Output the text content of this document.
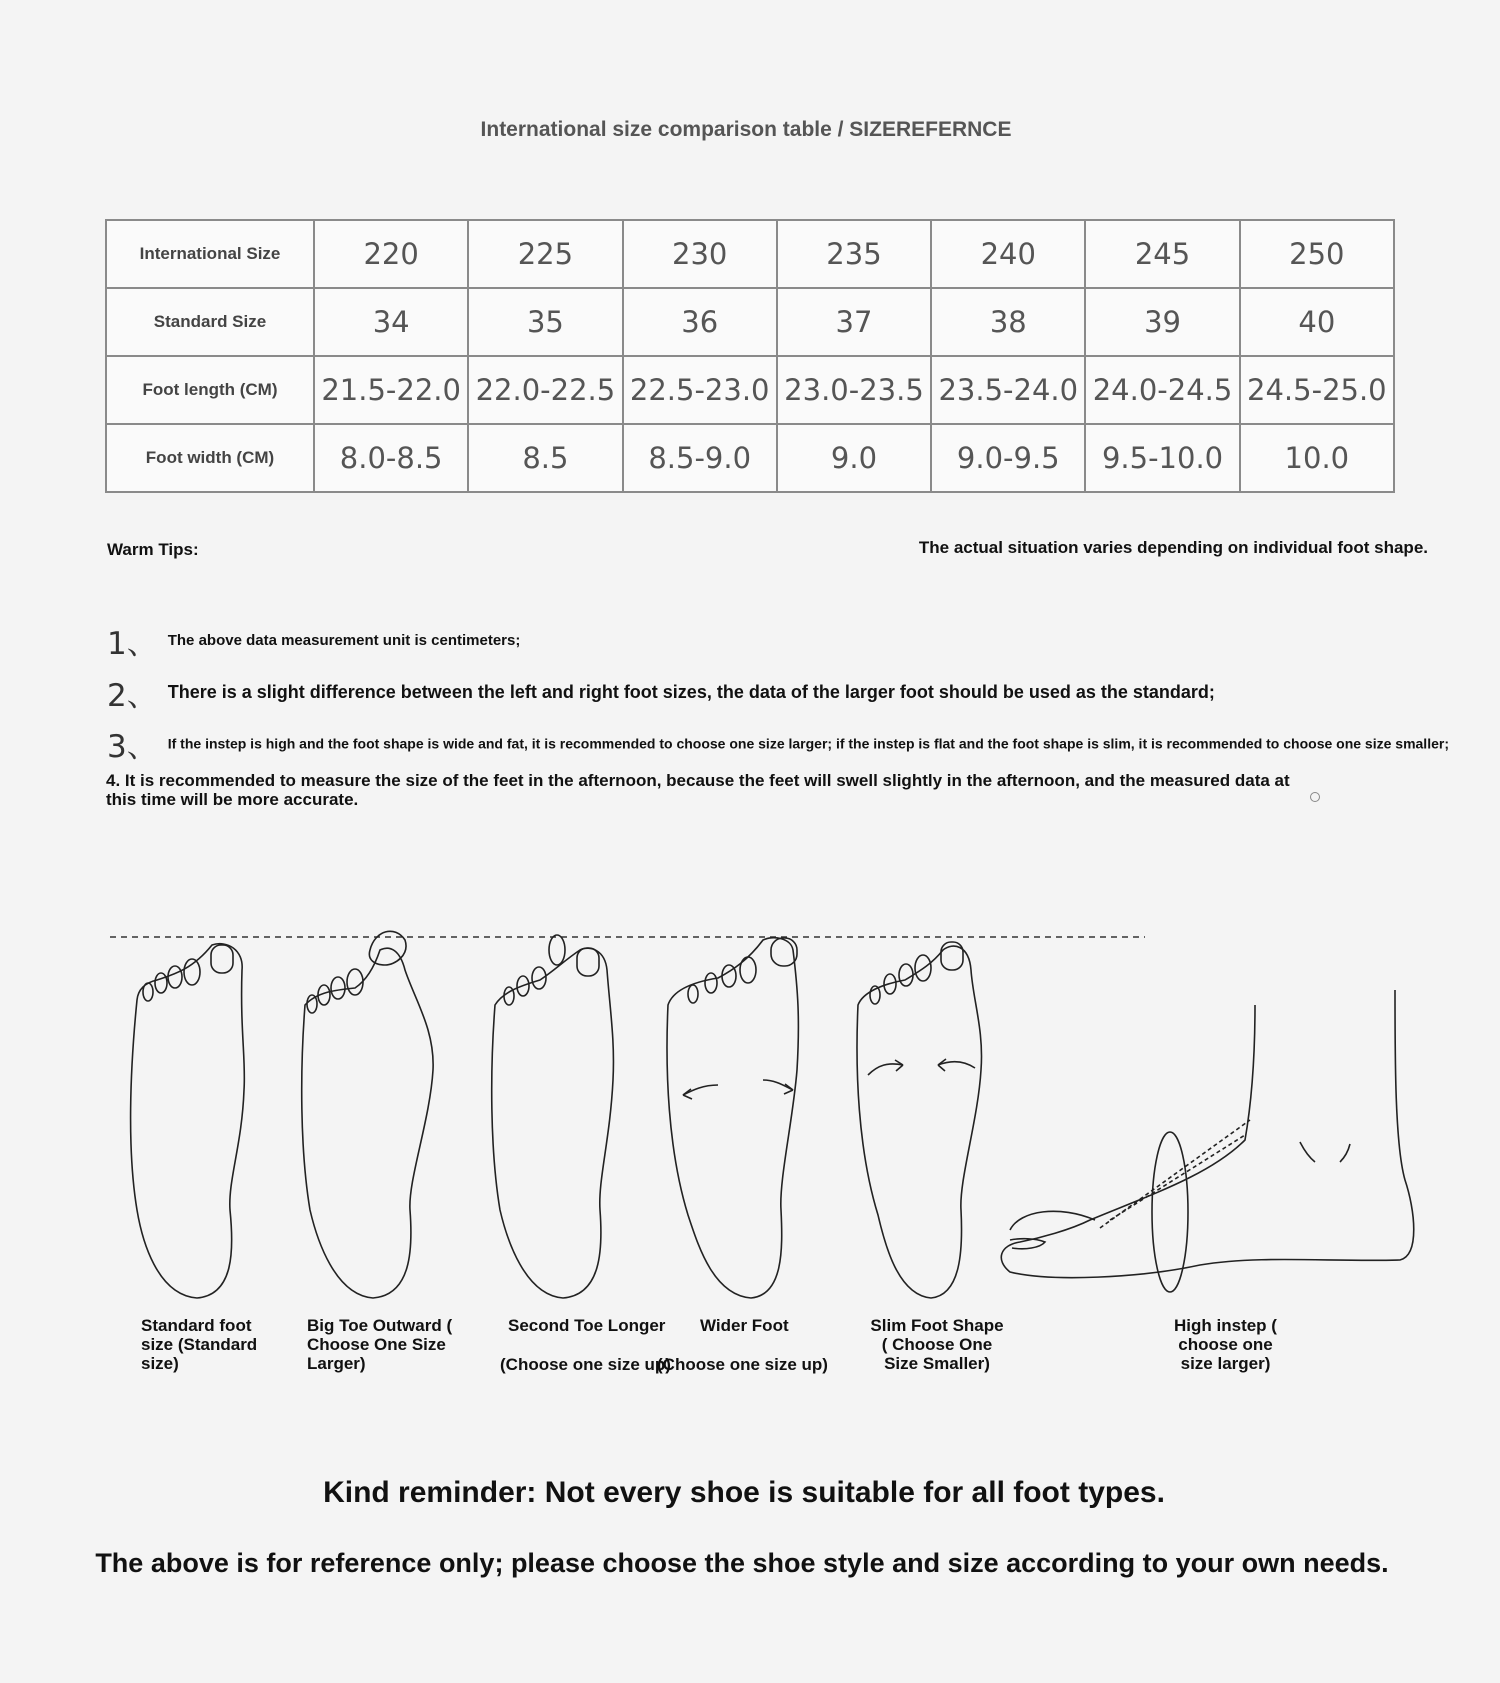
International size comparison table / SIZEREFERNCE
International Size	220	225	230	235	240	245	250
Standard Size	34	35	36	37	38	39	40
Foot length (CM)	21.5-22.0	22.0-22.5	22.5-23.0	23.0-23.5	23.5-24.0	24.0-24.5	24.5-25.0
Foot width (CM)	8.0-8.5	8.5	8.5-9.0	9.0	9.0-9.5	9.5-10.0	10.0
Warm Tips:	The actual situation varies depending on individual foot shape.
1、 The above data measurement unit is centimeters;
2、 There is a slight difference between the left and right foot sizes, the data of the larger foot should be used as the standard;
3、 If the instep is high and the foot shape is wide and fat, it is recommended to choose one size larger; if the instep is flat and the foot shape is slim, it is recommended to choose one size smaller;
4. It is recommended to measure the size of the feet in the afternoon, because the feet will swell slightly in the afternoon, and the measured data at this time will be more accurate.
Standard foot size (Standard size)
Big Toe Outward ( Choose One Size Larger)
Second Toe Longer
(Choose one size up)
Wider Foot
(Choose one size up)
Slim Foot Shape ( Choose One Size Smaller)
High instep ( choose one size larger)
Kind reminder: Not every shoe is suitable for all foot types.
The above is for reference only; please choose the shoe style and size according to your own needs.
